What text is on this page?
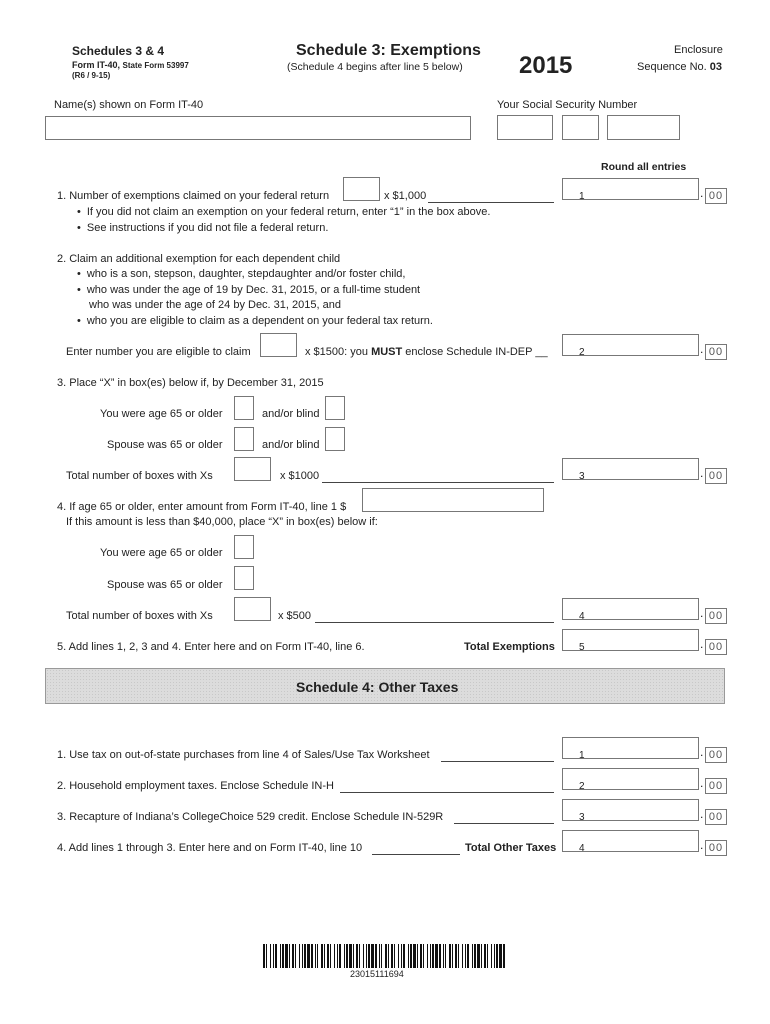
Schedules 3 & 4
Form IT-40, State Form 53997
(R6 / 9-15)
Schedule 3: Exemptions
(Schedule 4 begins after line 5 below) 2015
Enclosure
Sequence No. 03
Name(s) shown on Form IT-40	Your Social Security Number
Round all entries
1. Number of exemptions claimed on your federal return	x $1,000
• If you did not claim an exemption on your federal return, enter “1” in the box above.
• See instructions if you did not file a federal return.
1	. 00
2. Claim an additional exemption for each dependent child
• who is a son, stepson, daughter, stepdaughter and/or foster child,
• who was under the age of 19 by Dec. 31, 2015, or a full-time student
who was under the age of 24 by Dec. 31, 2015, and
• who you are eligible to claim as a dependent on your federal tax return.
Enter number you are eligible to claim	x $1500: you MUST enclose Schedule IN-DEP __	2	. 00
3. Place “X” in box(es) below if, by December 31, 2015
You were age 65 or older	and/or blind
Spouse was 65 or older	and/or blind
Total number of boxes with Xs	x $1000	3	. 00
4. If age 65 or older, enter amount from Form IT-40, line 1 $
If this amount is less than $40,000, place “X” in box(es) below if:
You were age 65 or older
Spouse was 65 or older
Total number of boxes with Xs	x $500	4	. 00
5. Add lines 1, 2, 3 and 4. Enter here and on Form IT-40, line 6.	Total Exemptions 5	. 00
Schedule 4: Other Taxes
1. Use tax on out-of-state purchases from line 4 of Sales/Use Tax Worksheet	1	. 00
2. Household employment taxes. Enclose Schedule IN-H	2	. 00
3. Recapture of Indiana’s CollegeChoice 529 credit. Enclose Schedule IN-529R	3	. 00
4. Add lines 1 through 3. Enter here and on Form IT-40, line 10	Total Other Taxes 4	. 00
23015111694
